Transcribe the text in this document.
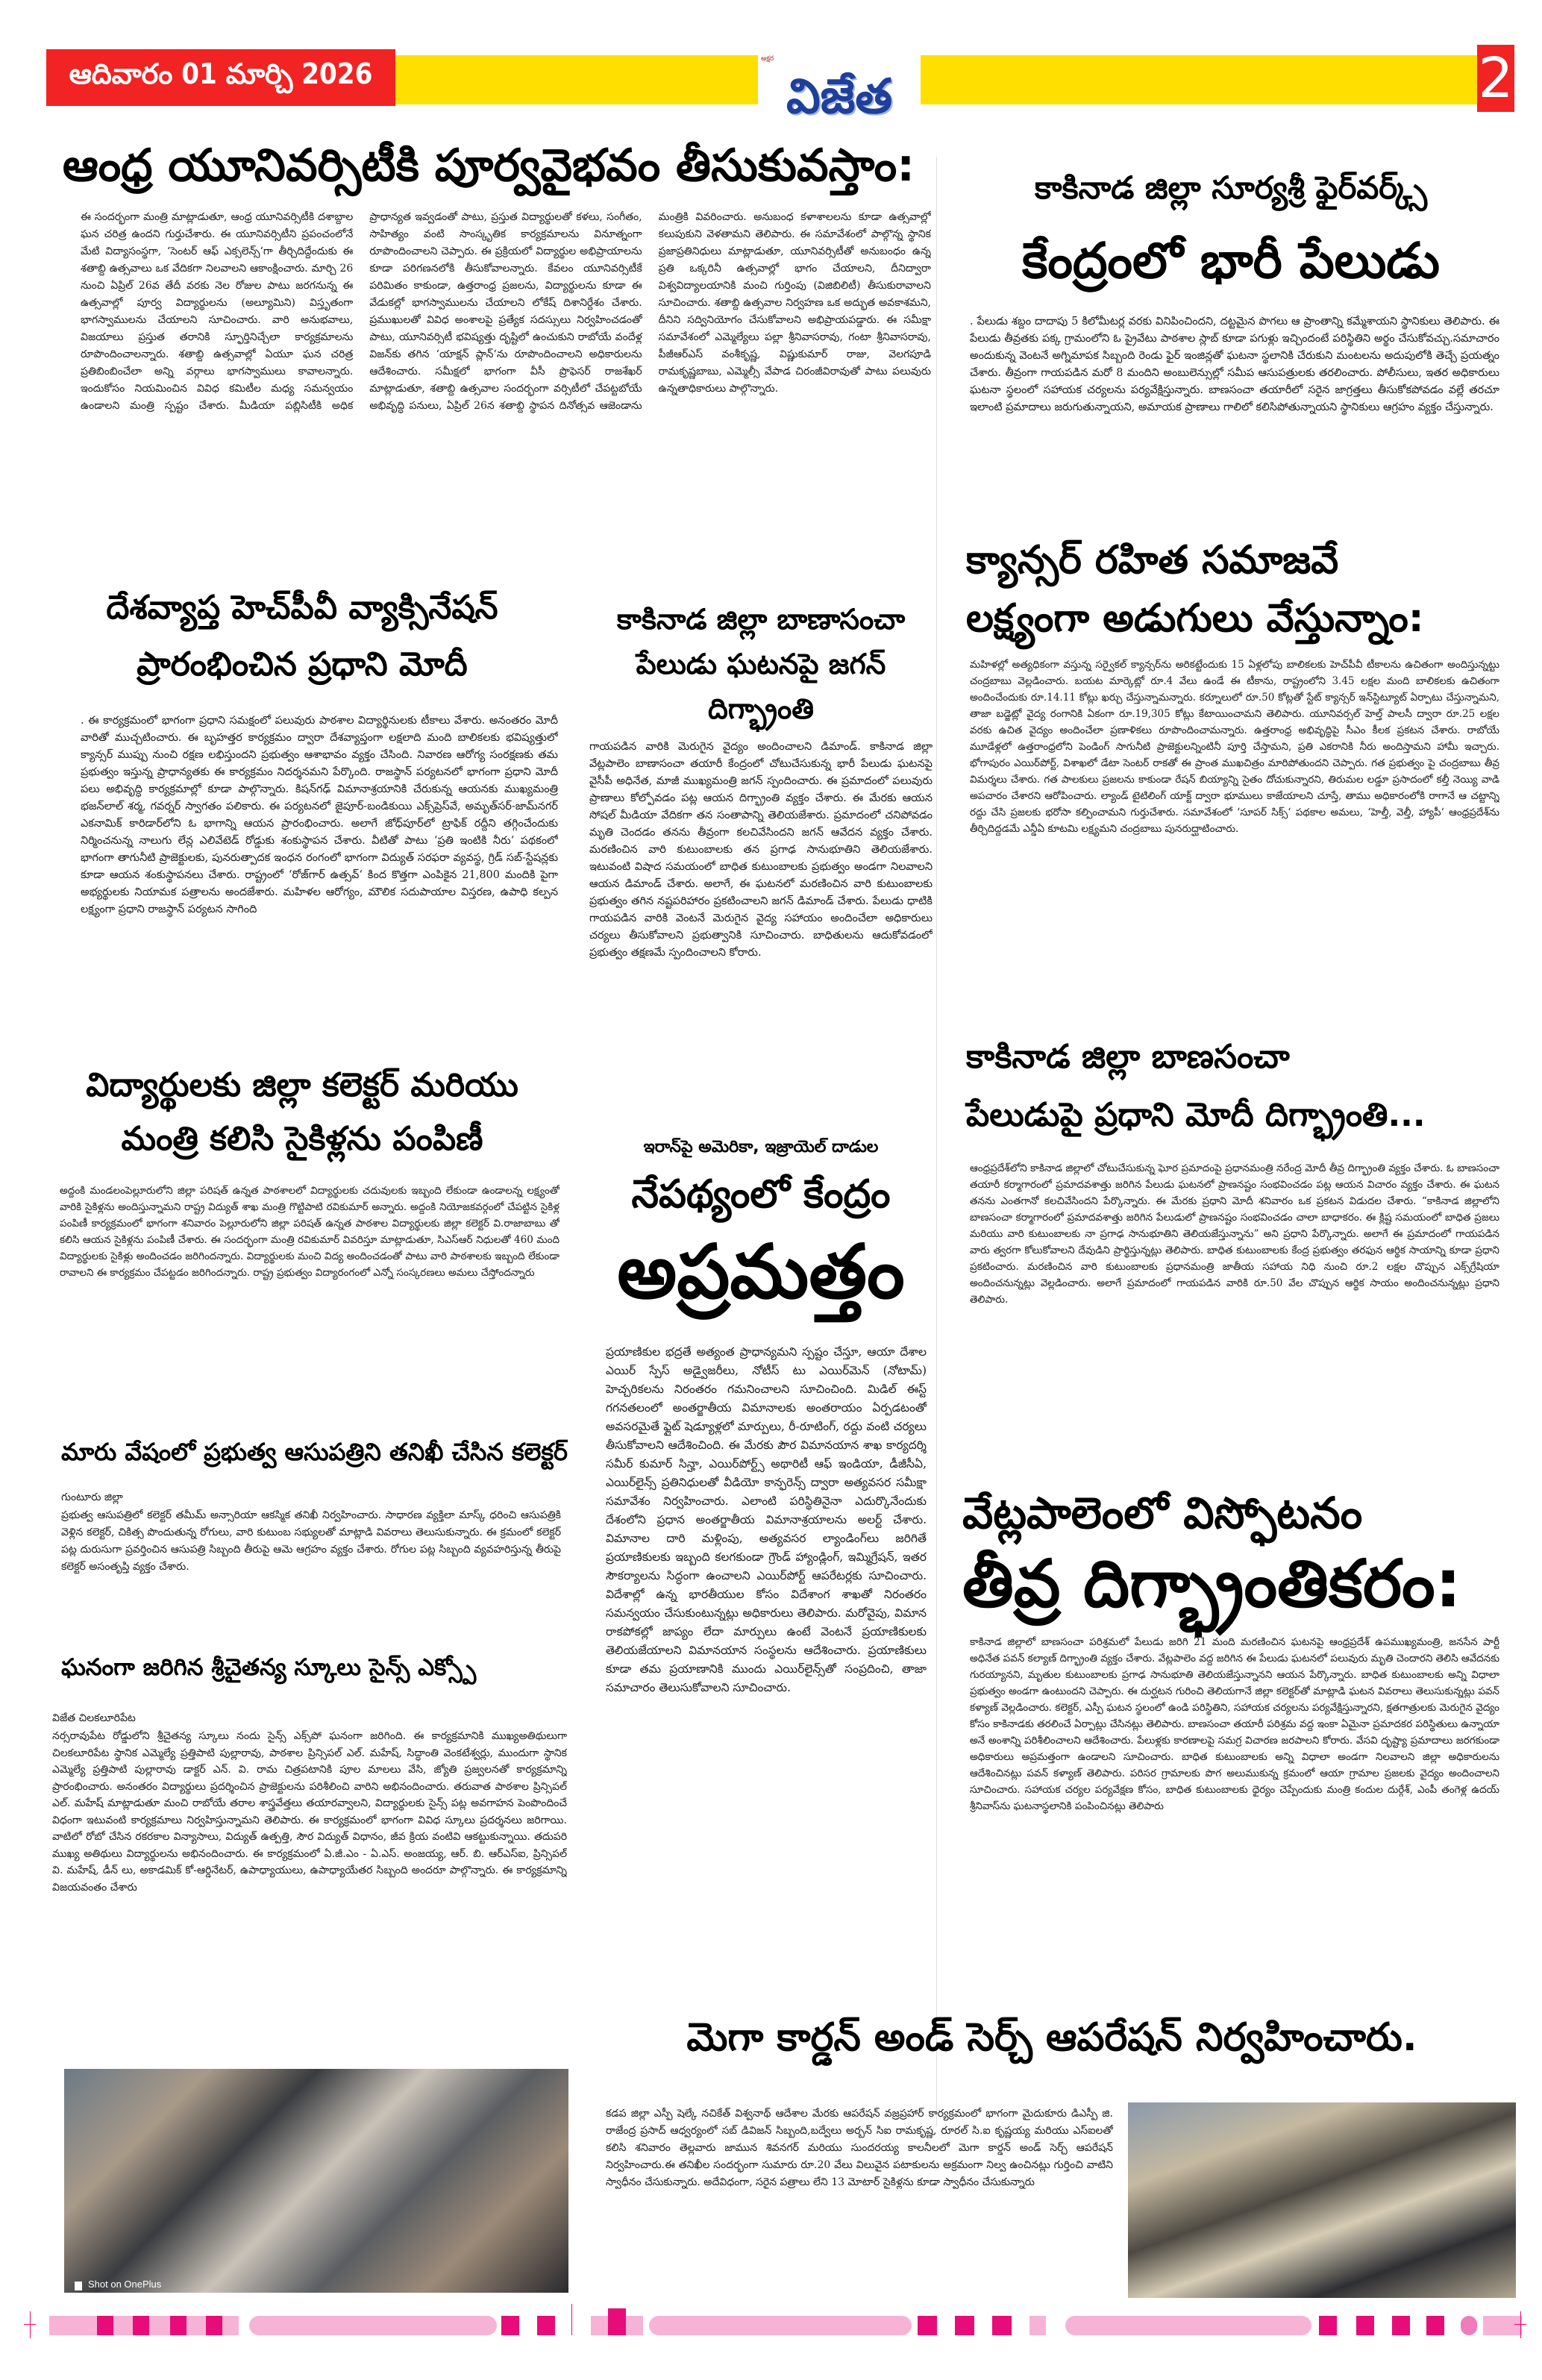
ఆదివారం 01 మార్చి 2026	అక్షర
విజేత	2
ఆంధ్ర యూనివర్సిటీకి పూర్వవైభవం తీసుకువస్తాం:
ఈ సందర్భంగా మంత్రి మాట్లాడుతూ, ఆంధ్ర యూనివర్సిటీకి దశాబ్దాల ఘన చరిత్ర ఉందని గుర్తుచేశారు. ఈ యూనివర్సిటీని ప్రపంచంలోనే మేటి విద్యాసంస్థగా, ‘సెంటర్ ఆఫ్ ఎక్సలెన్స్‘గా తీర్చిదిద్దేందుకు ఈ శతాబ్ది ఉత్సవాలు ఒక వేదికగా నిలవాలని ఆకాంక్షించారు. మార్చి 26 నుంచి ఏప్రిల్ 26వ తేదీ వరకు నెల రోజుల పాటు జరగనున్న ఈ ఉత్సవాల్లో పూర్వ విద్యార్థులను (అల్యూమిని) విస్తృతంగా భాగస్వాములను చేయాలని సూచించారు. వారి అనుభవాలు, విజయాలు ప్రస్తుత తరానికి స్ఫూర్తినిచ్చేలా కార్యక్రమాలను రూపొందించాలన్నారు. శతాబ్ది ఉత్సవాల్లో ఏయూ ఘన చరిత్ర ప్రతిబింబించేలా అన్ని వర్గాలు భాగస్వాములు కావాలన్నారు. ఇందుకోసం నియమించిన వివిధ కమిటీల మధ్య సమన్వయం ఉండాలని మంత్రి స్పష్టం చేశారు. మీడియా పబ్లిసిటీకి అధిక ప్రాధాన్యత ఇవ్వడంతో పాటు, ప్రస్తుత విద్యార్థులతో కళలు, సంగీతం, సాహిత్యం వంటి సాంస్కృతిక కార్యక్రమాలను వినూత్నంగా రూపొందించాలని చెప్పారు. ఈ ప్రక్రియలో విద్యార్థుల అభిప్రాయాలను కూడా పరిగణనలోకి తీసుకోవాలన్నారు. కేవలం యూనివర్సిటీకే పరిమితం కాకుండా, ఉత్తరాంధ్ర ప్రజలను, విద్యార్థులను కూడా ఈ వేడుకల్లో భాగస్వాములను చేయాలని లోకేష్ దిశానిర్దేశం చేశారు. ప్రముఖులతో వివిధ అంశాలపై ప్రత్యేక సదస్సులు నిర్వహించడంతో పాటు, యూనివర్సిటీ భవిష్యత్తు దృష్టిలో ఉంచుకుని రాబోయే వందేళ్ల విజన్‌కు తగిన ‘యాక్షన్ ప్లాన్‘ను రూపొందించాలని అధికారులను ఆదేశించారు. సమీక్షలో భాగంగా వీసీ ప్రొఫెసర్ రాజశేఖర్ మాట్లాడుతూ, శతాబ్ది ఉత్సవాల సందర్భంగా వర్సిటీలో చేపట్టబోయే అభివృద్ధి పనులు, ఏప్రిల్ 26న శతాబ్ది స్థాపన దినోత్సవ ఆజెండాను మంత్రికి వివరించారు. అనుబంధ కళాశాలలను కూడా ఉత్సవాల్లో కలుపుకుని వెళతామని తెలిపారు. ఈ సమావేశంలో పాల్గొన్న స్థానిక ప్రజాప్రతినిధులు మాట్లాడుతూ, యూనివర్సిటీతో అనుబంధం ఉన్న ప్రతి ఒక్కరినీ ఉత్సవాల్లో భాగం చేయాలని, దీనిద్వారా విశ్వవిద్యాలయానికి మంచి గుర్తింపు (విజిబిలిటీ) తీసుకురావాలని సూచించారు. శతాబ్ది ఉత్సవాల నిర్వహణ ఒక అద్భుత అవకాశమని, దీనిని సద్వినియోగం చేసుకోవాలని అభిప్రాయపడ్డారు. ఈ సమీక్షా సమావేశంలో ఎమ్మెల్యేలు పల్లా శ్రీనివాసరావు, గంటా శ్రీనివాసరావు, పీజీఆర్ఎస్ వంశీకృష్ణ, విష్ణుకుమార్ రాజు, వెలగపూడి రామకృష్ణబాబు, ఎమ్మెల్సీ వేపాడ చిరంజీవిరావుతో పాటు పలువురు ఉన్నతాధికారులు పాల్గొన్నారు.
కాకినాడ జిల్లా సూర్యశ్రీ ఫైర్‌వర్క్స్
కేంద్రంలో భారీ పేలుడు
. పేలుడు శబ్దం దాదాపు 5 కిలోమీటర్ల వరకు వినిపించిందని, దట్టమైన పొగలు ఆ ప్రాంతాన్ని కమ్మేశాయని స్థానికులు తెలిపారు. ఈ పేలుడు తీవ్రతకు పక్క గ్రామంలోని ఓ ప్రైవేటు పాఠశాల స్లాబ్ కూడా పగుళ్లు ఇచ్చిందంటే పరిస్థితిని అర్థం చేసుకోవచ్చు.సమాచారం అందుకున్న వెంటనే అగ్నిమాపక సిబ్బంది రెండు ఫైర్ ఇంజిన్లతో ఘటనా స్థలానికి చేరుకుని మంటలను అదుపులోకి తెచ్చే ప్రయత్నం చేశారు. తీవ్రంగా గాయపడిన మరో 8 మందిని అంబులెన్సుల్లో సమీప ఆసుపత్రులకు తరలించారు. పోలీసులు, ఇతర అధికారులు ఘటనా స్థలంలో సహాయక చర్యలను పర్యవేక్షిస్తున్నారు. బాణసంచా తయారీలో సరైన జాగ్రత్తలు తీసుకోకపోవడం వల్లే తరచూ ఇలాంటి ప్రమాదాలు జరుగుతున్నాయని, అమాయక ప్రాణాలు గాలిలో కలిసిపోతున్నాయని స్థానికులు ఆగ్రహం వ్యక్తం చేస్తున్నారు.
దేశవ్యాప్త హెచ్‌పీవీ వ్యాక్సినేషన్
ప్రారంభించిన ప్రధాని మోదీ
. ఈ కార్యక్రమంలో భాగంగా ప్రధాని సమక్షంలో పలువురు పాఠశాల విద్యార్థినులకు టీకాలు వేశారు. అనంతరం మోదీ వారితో ముచ్చటించారు. ఈ బృహత్తర కార్యక్రమం ద్వారా దేశవ్యాప్తంగా లక్షలాది మంది బాలికలకు భవిష్యత్తులో క్యాన్సర్ ముప్పు నుంచి రక్షణ లభిస్తుందని ప్రభుత్వం ఆశాభావం వ్యక్తం చేసింది. నివారణ ఆరోగ్య సంరక్షణకు తమ ప్రభుత్వం ఇస్తున్న ప్రాధాన్యతకు ఈ కార్యక్రమం నిదర్శనమని పేర్కొంది. రాజస్థాన్ పర్యటనలో భాగంగా ప్రధాని మోదీ పలు అభివృద్ధి కార్యక్రమాల్లో కూడా పాల్గొన్నారు. కిషన్‌గఢ్ విమానాశ్రయానికి చేరుకున్న ఆయనకు ముఖ్యమంత్రి భజన్‌లాల్ శర్మ, గవర్నర్ స్వాగతం పలికారు. ఈ పర్యటనలో జైపూర్-బండికుయి ఎక్స్‌ప్రెస్‌వే, అమృత్‌సర్-జామ్‌నగర్ ఎకనామిక్ కారిడార్‌లోని ఓ భాగాన్ని ఆయన ప్రారంభించారు. అలాగే జోధ్‌పూర్‌లో ట్రాఫిక్ రద్దీని తగ్గించేందుకు నిర్మించనున్న నాలుగు లేన్ల ఎలివేటెడ్ రోడ్డుకు శంకుస్థాపన చేశారు. వీటితో పాటు ‘ప్రతి ఇంటికి నీరు‘ పథకంలో భాగంగా తాగునీటి ప్రాజెక్టులకు, పునరుత్పాదక ఇంధన రంగంలో భాగంగా విద్యుత్ సరఫరా వ్యవస్థ, గ్రిడ్ సబ్-స్టేషన్లకు కూడా ఆయన శంకుస్థాపనలు చేశారు. రాష్ట్రంలో ‘రోజ్‌గార్ ఉత్సవ్‘ కింద కొత్తగా ఎంపికైన 21,800 మందికి పైగా అభ్యర్థులకు నియామక పత్రాలను అందజేశారు. మహిళల ఆరోగ్యం, మౌలిక సదుపాయాల విస్తరణ, ఉపాధి కల్పన లక్ష్యంగా ప్రధాని రాజస్థాన్ పర్యటన సాగింది
కాకినాడ జిల్లా బాణాసంచా పేలుడు ఘటనపై జగన్ దిగ్భ్రాంతి
గాయపడిన వారికి మెరుగైన వైద్యం అందించాలని డిమాండ్. కాకినాడ జిల్లా వేట్లపాలెం బాణాసంచా తయారీ కేంద్రంలో చోటుచేసుకున్న భారీ పేలుడు ఘటనపై వైసీపీ అధినేత, మాజీ ముఖ్యమంత్రి జగన్ స్పందించారు. ఈ ప్రమాదంలో పలువురు ప్రాణాలు కోల్పోవడం పట్ల ఆయన దిగ్భ్రాంతి వ్యక్తం చేశారు. ఈ మేరకు ఆయన సోషల్ మీడియా వేదికగా తన సంతాపాన్ని తెలియజేశారు. ప్రమాదంలో చనిపోవడం మృతి చెందడం తనను తీవ్రంగా కలచివేసిందని జగన్ ఆవేదన వ్యక్తం చేశారు. మరణించిన వారి కుటుంబాలకు తన ప్రగాఢ సానుభూతిని తెలియజేశారు. ఇటువంటి విషాద సమయంలో బాధిత కుటుంబాలకు ప్రభుత్వం అండగా నిలవాలని ఆయన డిమాండ్ చేశారు. అలాగే, ఈ ఘటనలో మరణించిన వారి కుటుంబాలకు ప్రభుత్వం తగిన నష్టపరిహారం ప్రకటించాలని జగన్ డిమాండ్ చేశారు. పేలుడు ధాటికి గాయపడిన వారికి వెంటనే మెరుగైన వైద్య సహాయం అందించేలా అధికారులు చర్యలు తీసుకోవాలని ప్రభుత్వానికి సూచించారు. బాధితులను ఆదుకోవడంలో ప్రభుత్వం తక్షణమే స్పందించాలని కోరారు.
క్యాన్సర్ రహిత సమాజవే
లక్ష్యంగా అడుగులు వేస్తున్నాం:
మహిళల్లో అత్యధికంగా వస్తున్న సర్వైకల్ క్యాన్సర్‌ను అరికట్టేందుకు 15 ఏళ్లలోపు బాలికలకు హెచ్‌పీవీ టీకాలను ఉచితంగా అందిస్తున్నట్టు చంద్రబాబు వెల్లడించారు. బయట మార్కెట్లో రూ.4 వేలు ఉండే ఈ టీకాను, రాష్ట్రంలోని 3.45 లక్షల మంది బాలికలకు ఉచితంగా అందించేందుకు రూ.14.11 కోట్లు ఖర్చు చేస్తున్నామన్నారు. కర్నూలులో రూ.50 కోట్లతో స్టేట్ క్యాన్సర్ ఇన్‌స్టిట్యూట్ ఏర్పాటు చేస్తున్నామని, తాజా బడ్జెట్లో వైద్య రంగానికి ఏకంగా రూ.19,305 కోట్లు కేటాయించామని తెలిపారు. యూనివర్సల్ హెల్త్ పాలసీ ద్వారా రూ.25 లక్షల వరకు ఉచిత వైద్యం అందించేలా ప్రణాళికలు రూపొందించామన్నారు. ఉత్తరాంధ్ర అభివృద్ధిపై సీఎం కీలక ప్రకటన చేశారు. రాబోయే మూడేళ్లలో ఉత్తరాంధ్రలోని పెండింగ్ సాగునీటి ప్రాజెక్టులన్నింటినీ పూర్తి చేస్తామని, ప్రతి ఎకరానికి నీరు అందిస్తామని హామీ ఇచ్చారు. భోగాపురం ఎయిర్‌పోర్ట్, విశాఖలో డేటా సెంటర్ రాకతో ఈ ప్రాంత ముఖచిత్రం మారిపోతుందని చెప్పారు. గత ప్రభుత్వం పై చంద్రబాబు తీవ్ర విమర్శలు చేశారు. గత పాలకులు ప్రజలను కాకుండా రేషన్ బియ్యాన్ని సైతం దోచుకున్నారని, తిరుమల లడ్డూ ప్రసాదంలో కల్తీ నెయ్యి వాడి అపచారం చేశారని ఆరోపించారు. ల్యాండ్ టైటిలింగ్ యాక్ట్ ద్వారా భూములు కాజేయాలని చూస్తే, తాము అధికారంలోకి రాగానే ఆ చట్టాన్ని రద్దు చేసి ప్రజలకు భరోసా కల్పించామని గుర్తుచేశారు. సమావేశంలో ‘సూపర్ సిక్స్‘ పథకాల అమలు, ‘హెల్తీ, వెల్తీ, హ్యాపీ‘ ఆంధ్రప్రదేశ్‌ను తీర్చిదిద్దడమే ఎన్డీఏ కూటమి లక్ష్యమని చంద్రబాబు పునరుద్ఘాటించారు.
విద్యార్థులకు జిల్లా కలెక్టర్ మరియు
మంత్రి కలిసి సైకిళ్లను పంపిణీ
అద్దంకి మండలంపెల్లూరులోని జిల్లా పరిషత్ ఉన్నత పాఠశాలలో విద్యార్థులకు చదువులకు ఇబ్బంది లేకుండా ఉండాలన్న లక్ష్యంతో వారికి సైకిళ్లను అందిస్తున్నామని రాష్ట్ర విద్యుత్ శాఖ మంత్రి గొట్టిపాటి రవికుమార్ అన్నారు. అద్దంకి నియోజకవర్గంలో చేపట్టిన సైకిళ్ల పంపిణీ కార్యక్రమంలో భాగంగా శనివారం పెల్లూరులోని జిల్లా పరిషత్ ఉన్నత పాఠశాల విద్యార్థులకు జిల్లా కలెక్టర్ వి.రాజాబాబు తో కలిసి ఆయన సైకిళ్లను పంపిణీ చేశారు. ఈ సందర్భంగా మంత్రి రవికుమార్ వివరిస్తూ మాట్లాడుతూ, సిఎస్ఆర్ నిధులతో 460 మంది విద్యార్థులకు సైకిళ్లు అందించడం జరిగిందన్నారు. విద్యార్థులకు మంచి విద్య అందించడంతో పాటు వారి పాఠశాలకు ఇబ్బంది లేకుండా రావాలని ఈ కార్యక్రమం చేపట్టడం జరిగిందన్నారు. రాష్ట్ర ప్రభుత్వం విద్యారంగంలో ఎన్నో సంస్కరణలు అమలు చేస్తోందన్నారు
ఇరాన్‌పై అమెరికా, ఇజ్రాయెల్ దాడుల
నేపథ్యంలో కేంద్రం
అప్రమత్తం
ప్రయాణికుల భద్రతే అత్యంత ప్రాధాన్యమని స్పష్టం చేస్తూ, ఆయా దేశాల ఎయిర్ స్పేస్ అడ్వైజరీలు, నోటీస్ టు ఎయిర్‌మెన్ (నోటామ్) హెచ్చరికలను నిరంతరం గమనించాలని సూచించింది. మిడిల్ ఈస్ట్ గగనతలంలో అంతర్జాతీయ విమానాలకు అంతరాయం ఏర్పడటంతో అవసరమైతే ఫ్లైట్ షెడ్యూళ్లలో మార్పులు, రీ-రూటింగ్, రద్దు వంటి చర్యలు తీసుకోవాలని ఆదేశించింది. ఈ మేరకు పౌర విమానయాన శాఖ కార్యదర్శి సమీర్ కుమార్ సిన్హా, ఎయిర్‌పోర్ట్స్ అథారిటీ ఆఫ్ ఇండియా, డీజీసీఏ, ఎయిర్‌లైన్స్ ప్రతినిధులతో వీడియో కాన్ఫరెన్స్ ద్వారా అత్యవసర సమీక్షా సమావేశం నిర్వహించారు. ఎలాంటి పరిస్థితినైనా ఎదుర్కొనేందుకు దేశంలోని ప్రధాన అంతర్జాతీయ విమానాశ్రయాలను అలర్ట్ చేశారు. విమానాల దారి మళ్లింపు, అత్యవసర ల్యాండింగ్‌లు జరిగితే ప్రయాణికులకు ఇబ్బంది కలగకుండా గ్రౌండ్ హ్యాండ్లింగ్, ఇమ్మిగ్రేషన్, ఇతర సౌకర్యాలను సిద్ధంగా ఉంచాలని ఎయిర్‌పోర్ట్ ఆపరేటర్లకు సూచించారు. విదేశాల్లో ఉన్న భారతీయుల కోసం విదేశాంగ శాఖతో నిరంతరం సమన్వయం చేసుకుంటున్నట్లు అధికారులు తెలిపారు. మరోవైపు, విమాన రాకపోకల్లో జాప్యం లేదా మార్పులు ఉంటే వెంటనే ప్రయాణికులకు తెలియజేయాలని విమానయాన సంస్థలను ఆదేశించారు. ప్రయాణికులు కూడా తమ ప్రయాణానికి ముందు ఎయిర్‌లైన్స్‌తో సంప్రదించి, తాజా సమాచారం తెలుసుకోవాలని సూచించారు.
కాకినాడ జిల్లా బాణసంచా
పేలుడుపై ప్రధాని మోదీ దిగ్భ్రాంతి...
ఆంధ్రప్రదేశ్‌లోని కాకినాడ జిల్లాలో చోటుచేసుకున్న ఘోర ప్రమాదంపై ప్రధానమంత్రి నరేంద్ర మోదీ తీవ్ర దిగ్భ్రాంతి వ్యక్తం చేశారు. ఓ బాణసంచా తయారీ కర్మాగారంలో ప్రమాదవశాత్తు జరిగిన పేలుడు ఘటనలో ప్రాణనష్టం సంభవించడం పట్ల ఆయన విచారం వ్యక్తం చేశారు. ఈ ఘటన తనను ఎంతగానో కలచివేసిందని పేర్కొన్నారు. ఈ మేరకు ప్రధాని మోదీ శనివారం ఒక ప్రకటన విడుదల చేశారు. “కాకినాడ జిల్లాలోని బాణసంచా కర్మాగారంలో ప్రమాదవశాత్తు జరిగిన పేలుడులో ప్రాణనష్టం సంభవించడం చాలా బాధాకరం. ఈ క్లిష్ట సమయంలో బాధిత ప్రజలు మరియు వారి కుటుంబాలకు నా ప్రగాఢ సానుభూతిని తెలియజేస్తున్నాను” అని ప్రధాని పేర్కొన్నారు. అలాగే ఈ ప్రమాదంలో గాయపడిన వారు త్వరగా కోలుకోవాలని దేవుడిని ప్రార్థిస్తున్నట్లు తెలిపారు. బాధిత కుటుంబాలకు కేంద్ర ప్రభుత్వం తరఫున ఆర్థిక సాయాన్ని కూడా ప్రధాని ప్రకటించారు. మరణించిన వారి కుటుంబాలకు ప్రధానమంత్రి జాతీయ సహాయ నిధి నుంచి రూ.2 లక్షల చొప్పున ఎక్స్‌గ్రేషియా అందించనున్నట్లు వెల్లడించారు. అలాగే ప్రమాదంలో గాయపడిన వారికి రూ.50 వేల చొప్పున ఆర్థిక సాయం అందించనున్నట్లు ప్రధాని తెలిపారు.
మారు వేషంలో ప్రభుత్వ ఆసుపత్రిని తనిఖీ చేసిన కలెక్టర్
గుంటూరు జిల్లా
ప్రభుత్వ ఆసుపత్రిలో కలెక్టర్ తమీమ్ అన్సారియా ఆకస్మిక తనిఖీ నిర్వహించారు. సాధారణ వ్యక్తిలా మాస్క్ ధరించి ఆసుపత్రికి వెళ్లిన కలెక్టర్, చికిత్స పొందుతున్న రోగులు, వారి కుటుంబ సభ్యులతో మాట్లాడి వివరాలు తెలుసుకున్నారు. ఈ క్రమంలో కలెక్టర్ పట్ల దురుసుగా ప్రవర్తించిన ఆసుపత్రి సిబ్బంది తీరుపై ఆమె ఆగ్రహం వ్యక్తం చేశారు. రోగుల పట్ల సిబ్బంది వ్యవహరిస్తున్న తీరుపై కలెక్టర్ అసంతృప్తి వ్యక్తం చేశారు.
వేట్లపాలెంలో విస్ఫోటనం
తీవ్ర దిగ్భ్రాంతికరం:
కాకినాడ జిల్లాలో బాణసంచా పరిశ్రమలో పేలుడు జరిగి 21 మంది మరణించిన ఘటనపై ఆంధ్రప్రదేశ్ ఉపముఖ్యమంత్రి, జనసేన పార్టీ అధినేత పవన్ కల్యాణ్ దిగ్భ్రాంతి వ్యక్తం చేశారు. వేట్లపాలెం వద్ద జరిగిన ఈ పేలుడు ఘటనలో పలువురు మృతి చెందారని తెలిసి ఆవేదనకు గురయ్యానని, మృతుల కుటుంబాలకు ప్రగాఢ సానుభూతి తెలియజేస్తున్నానని ఆయన పేర్కొన్నారు. బాధిత కుటుంబాలకు అన్ని విధాలా ప్రభుత్వం అండగా ఉంటుందని చెప్పారు. ఈ దుర్ఘటన గురించి తెలియగానే జిల్లా కలెక్టర్‌తో మాట్లాడి ఘటన వివరాలు తెలుసుకున్నట్లు పవన్ కళ్యాణ్ వెల్లడించారు. కలెక్టర్, ఎస్పీ ఘటన స్థలంలో ఉండి పరిస్థితిని, సహాయక చర్యలను పర్యవేక్షిస్తున్నారని, క్షతగాత్రులకు మెరుగైన వైద్యం కోసం కాకినాడకు తరలించే ఏర్పాట్లు చేసినట్లు తెలిపారు. బాణసంచా తయారీ పరిశ్రమ వద్ద ఇంకా ఏమైనా ప్రమాదకర పరిస్థితులు ఉన్నాయా అనే అంశాన్ని పరిశీలించాలని ఆదేశించారు. పేలుళ్లకు కారణాలపై సమగ్ర విచారణ జరపాలని కోరారు. వేసవి దృష్ట్యా ప్రమాదాలు జరగకుండా అధికారులు అప్రమత్తంగా ఉండాలని సూచించారు. బాధిత కుటుంబాలకు అన్ని విధాలా అండగా నిలవాలని జిల్లా అధికారులను ఆదేశించినట్లు పవన్ కళ్యాణ్ తెలిపారు. పరిసర గ్రామాలకు పొగ అలుముకున్న క్రమంలో ఆయా గ్రామాల ప్రజలకు వైద్యం అందించాలని సూచించారు. సహాయక చర్యల పర్యవేక్షణ కోసం, బాధిత కుటుంబాలకు ధైర్యం చెప్పేందుకు మంత్రి కందుల దుర్గేశ్, ఎంపీ తంగెళ్ల ఉదయ్ శ్రీనివాస్‌ను ఘటనాస్థలానికి పంపించినట్లు తెలిపారు
ఘనంగా జరిగిన శ్రీచైతన్య స్కూలు సైన్స్ ఎక్స్పో
విజేత చిలకలూరిపేట
నర్సరావుపేట రోడ్డులోని శ్రీచైతన్య స్కూలు నందు సైన్స్ ఎక్స్‌పో ఘనంగా జరిగింది. ఈ కార్యక్రమానికి ముఖ్యఅతిథులుగా చిలకలూరిపేట స్థానిక ఎమ్మెల్యే ప్రత్తిపాటి పుల్లారావు, పాఠశాల ప్రిన్సిపల్ ఎల్. మహేష్, సిద్ధాంతి వెంకటేశ్వర్లు, ముందుగా స్థానిక ఎమ్మెల్యే ప్రత్తిపాటి పుల్లారావు డాక్టర్ ఎన్. వి. రామ చిత్రపటానికి పూల మాలలు వేసి, జ్యోతి ప్రజ్వలనతో కార్యక్రమాన్ని ప్రారంభించారు. అనంతరం విద్యార్థులు ప్రదర్శించిన ప్రాజెక్టులను పరిశీలించి వారిని అభినందించారు. తరువాత పాఠశాల ప్రిన్సిపల్ ఎల్. మహేష్ మాట్లాడుతూ మంచి రాబోయే తరాల శాస్త్రవేత్తలు తయారవ్వాలని, విద్యార్థులకు సైన్స్ పట్ల అవగాహన పెంపొందించే విధంగా ఇటువంటి కార్యక్రమాలు నిర్వహిస్తున్నామని తెలిపారు. ఈ కార్యక్రమంలో భాగంగా వివిధ స్కూలు ప్రదర్శనలు జరిగాయి. వాటిలో రోబో చేసిన రకరకాల విన్యాసాలు, విద్యుత్ ఉత్పత్తి, సౌర విద్యుత్ విధానం, జీవ క్రియ వంటివి ఆకట్టుకున్నాయి. తదుపరి ముఖ్య అతిథులు విద్యార్థులను అభినందించారు. ఈ కార్యక్రమంలో ఏ.జీ.ఎం - ఏ.ఎస్. అంజయ్య, ఆర్. బి. ఆర్ఎస్ఐ, ప్రిన్సిపల్ వి. మహేష్, డీన్ లు, అకాడమిక్ కో-ఆర్డినేటర్, ఉపాధ్యాయులు, ఉపాధ్యాయేతర సిబ్బంది అందరూ పాల్గొన్నారు. ఈ కార్యక్రమాన్ని విజయవంతం చేశారు
మెగా కార్డన్ అండ్ సెర్చ్ ఆపరేషన్ నిర్వహించారు.
కడప జిల్లా ఎస్పీ షెల్కే నచికేత్ విశ్వనాథ్ ఆదేశాల మేరకు ఆపరేషన్ వజ్రప్రహార్ కార్యక్రమంలో భాగంగా మైదుకూరు డిఎస్పీ జి. రాజేంద్ర ప్రసాద్ ఆధ్వర్యంలో సబ్ డివిజన్ సిబ్బంది,బద్వేలు అర్బన్ సిఐ రామకృష్ణ, రూరల్ సి.ఐ కృష్ణయ్య మరియు ఎస్ఐలతో కలిసి శనివారం తెల్లవారు జామున శివనగర్ మరియు సుందరయ్య కాలనీలలో మెగా కార్డన్ అండ్ సెర్చ్ ఆపరేషన్ నిర్వహించారు.ఈ తనిఖీల సందర్భంగా సుమారు రూ.20 వేలు విలువైన పటాకులను అక్రమంగా నిల్వ ఉంచినట్లు గుర్తించి వాటిని స్వాధీనం చేసుకున్నారు. అదేవిధంగా, సరైన పత్రాలు లేని 13 మోటార్ సైకిళ్లను కూడా స్వాధీనం చేసుకున్నారు
Shot on OnePlus
